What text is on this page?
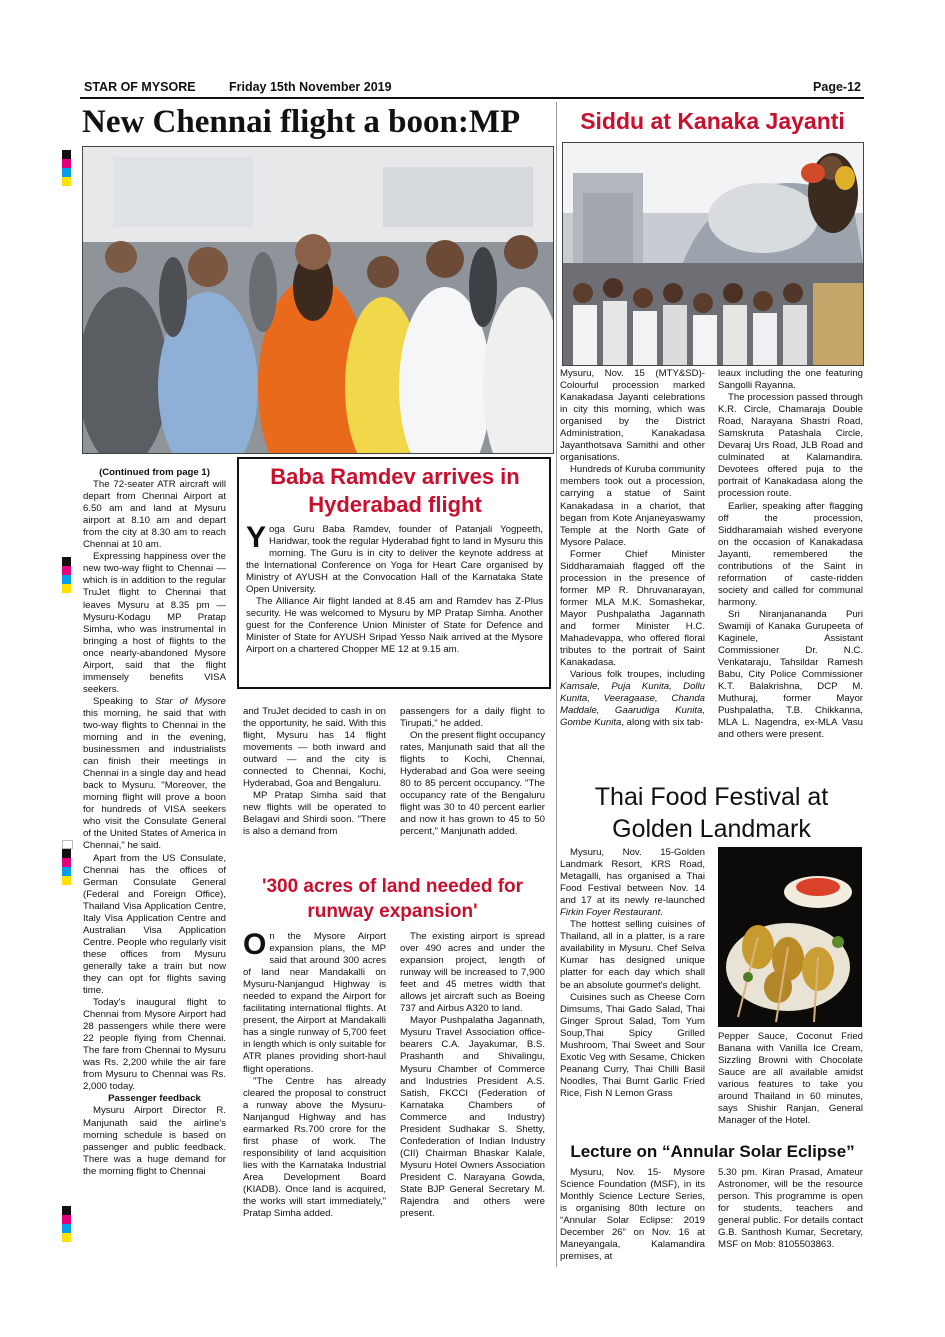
STAR OF MYSORE	Friday 15th November 2019	Page-12
New Chennai flight a boon:MP

(Continued from page 1)

The 72-seater ATR aircraft will depart from Chennai Airport at 6.50 am and land at Mysuru airport at 8.10 am and depart from the city at 8.30 am to reach Chennai at 10 am.

Expressing happiness over the new two-way flight to Chennai — which is in addition to the regular TruJet flight to Chennai that leaves Mysuru at 8.35 pm — Mysuru-Kodagu MP Pratap Simha, who was instrumental in bringing a host of flights to the once nearly-abandoned Mysore Airport, said that the flight immensely benefits VISA seekers.

Speaking to Star of Mysore this morning, he said that with two-way flights to Chennai in the morning and in the evening, businessmen and industrialists can finish their meetings in Chennai in a single day and head back to Mysuru. "Moreover, the morning flight will prove a boon for hundreds of VISA seekers who visit the Consulate General of the United States of America in Chennai," he said.

Apart from the US Consulate, Chennai has the offices of German Consulate General (Federal and Foreign Office), Thailand Visa Application Centre, Italy Visa Application Centre and Australian Visa Application Centre. People who regularly visit these offices from Mysuru generally take a train but now they can opt for flights saving time.

Today's inaugural flight to Chennai from Mysore Airport had 28 passengers while there were 22 people flying from Chennai. The fare from Chennai to Mysuru was Rs. 2,200 while the air fare from Mysuru to Chennai was Rs. 2,000 today.

Passenger feedback

Mysuru Airport Director R. Manjunath said the airline's morning schedule is based on passenger and public feedback. There was a huge demand for the morning flight to Chennai

Baba Ramdev arrives in Hyderabad flight

Yoga Guru Baba Ramdev, founder of Patanjali Yogpeeth, Haridwar, took the regular Hyderabad fight to land in Mysuru this morning. The Guru is in city to deliver the keynote address at the International Conference on Yoga for Heart Care organised by Ministry of AYUSH at the Convocation Hall of the Karnataka State Open University.

The Alliance Air flight landed at 8.45 am and Ramdev has Z-Plus security. He was welcomed to Mysuru by MP Pratap Simha. Another guest for the Conference Union Minister of State for Defence and Minister of State for AYUSH Sripad Yesso Naik arrived at the Mysore Airport on a chartered Chopper ME 12 at 9.15 am.

and TruJet decided to cash in on the opportunity, he said. With this flight, Mysuru has 14 flight movements — both inward and outward — and the city is connected to Chennai, Kochi, Hyderabad, Goa and Bengaluru.

MP Pratap Simha said that new flights will be operated to Belagavi and Shirdi soon. "There is also a demand from

passengers for a daily flight to Tirupati," he added.

On the present flight occupancy rates, Manjunath said that all the flights to Kochi, Chennai, Hyderabad and Goa were seeing 80 to 85 percent occupancy. "The occupancy rate of the Bengaluru flight was 30 to 40 percent earlier and now it has grown to 45 to 50 percent," Manjunath added.

'300 acres of land needed for runway expansion'

On the Mysore Airport expansion plans, the MP said that around 300 acres of land near Mandakalli on Mysuru-Nanjangud Highway is needed to expand the Airport for facilitating international flights. At present, the Airport at Mandakalli has a single runway of 5,700 feet in length which is only suitable for ATR planes providing short-haul flight operations.

"The Centre has already cleared the proposal to construct a runway above the Mysuru-Nanjangud Highway and has earmarked Rs.700 crore for the first phase of work. The responsibility of land acquisition lies with the Karnataka Industrial Area Development Board (KIADB). Once land is acquired, the works will start immediately," Pratap Simha added.

The existing airport is spread over 490 acres and under the expansion project, length of runway will be increased to 7,900 feet and 45 metres width that allows jet aircraft such as Boeing 737 and Airbus A320 to land.

Mayor Pushpalatha Jagannath, Mysuru Travel Association office-bearers C.A. Jayakumar, B.S. Prashanth and Shivalingu, Mysuru Chamber of Commerce and Industries President A.S. Satish, FKCCI (Federation of Karnataka Chambers of Commerce and Industry) President Sudhakar S. Shetty, Confederation of Indian Industry (CII) Chairman Bhaskar Kalale, Mysuru Hotel Owners Association President C. Narayana Gowda, State BJP General Secretary M. Rajendra and others were present.

Siddu at Kanaka Jayanti

Mysuru, Nov. 15 (MTY&SD)- Colourful procession marked Kanakadasa Jayanti celebrations in city this morning, which was organised by the District Administration, Kanakadasa Jayanthotsava Samithi and other organisations.

Hundreds of Kuruba community members took out a procession, carrying a statue of Saint Kanakadasa in a chariot, that began from Kote Anjaneyaswamy Temple at the North Gate of Mysore Palace.

Former Chief Minister Siddharamaiah flagged off the procession in the presence of former MP R. Dhruvanarayan, former MLA M.K. Somashekar, Mayor Pushpalatha Jagannath and former Minister H.C. Mahadevappa, who offered floral tributes to the portrait of Saint Kanakadasa.

Various folk troupes, including Kamsale, Puja Kunita, Dollu Kunita, Veeragaase, Chanda Maddale, Gaarudiga Kunita, Gombe Kunita, along with six tab-

leaux including the one featuring Sangolli Rayanna.

The procession passed through K.R. Circle, Chamaraja Double Road, Narayana Shastri Road, Samskruta Patashala Circle, Devaraj Urs Road, JLB Road and culminated at Kalamandira. Devotees offered puja to the portrait of Kanakadasa along the procession route.

Earlier, speaking after flagging off the procession, Siddharamaiah wished everyone on the occasion of Kanakadasa Jayanti, remembered the contributions of the Saint in reformation of caste-ridden society and called for communal harmony.

Sri Niranjanananda Puri Swamiji of Kanaka Gurupeeta of Kaginele, Assistant Commissioner Dr. N.C. Venkataraju, Tahsildar Ramesh Babu, City Police Commissioner K.T. Balakrishna, DCP M. Muthuraj, former Mayor Pushpalatha, T.B. Chikkanna, MLA L. Nagendra, ex-MLA Vasu and others were present.

Thai Food Festival at Golden Landmark

Mysuru, Nov. 15-Golden Landmark Resort, KRS Road, Metagalli, has organised a Thai Food Festival between Nov. 14 and 17 at its newly re-launched Firkin Foyer Restaurant.

The hottest selling cuisines of Thailand, all in a platter, is a rare availability in Mysuru. Chef Selva Kumar has designed unique platter for each day which shall be an absolute gourmet's delight.

Cuisines such as Cheese Corn Dimsums, Thai Gado Salad, Thai Ginger Sprout Salad, Tom Yum Soup,Thai Spicy Grilled Mushroom, Thai Sweet and Sour Exotic Veg with Sesame, Chicken Peanang Curry, Thai Chilli Basil Noodles, Thai Burnt Garlic Fried Rice, Fish N Lemon Grass

Pepper Sauce, Coconut Fried Banana with Vanilla Ice Cream, Sizzling Browni with Chocolate Sauce are all available amidst various features to take you around Thailand in 60 minutes, says Shishir Ranjan, General Manager of the Hotel.

Lecture on “Annular Solar Eclipse”

Mysuru, Nov. 15- Mysore Science Foundation (MSF), in its Monthly Science Lecture Series, is organising 80th lecture on “Annular Solar Eclipse: 2019 December 26” on Nov. 16 at Maneyangala, Kalamandira premises, at

5.30 pm. Kiran Prasad, Amateur Astronomer, will be the resource person. This programme is open for students, teachers and general public. For details contact G.B. Santhosh Kumar, Secretary, MSF on Mob: 8105503863.
